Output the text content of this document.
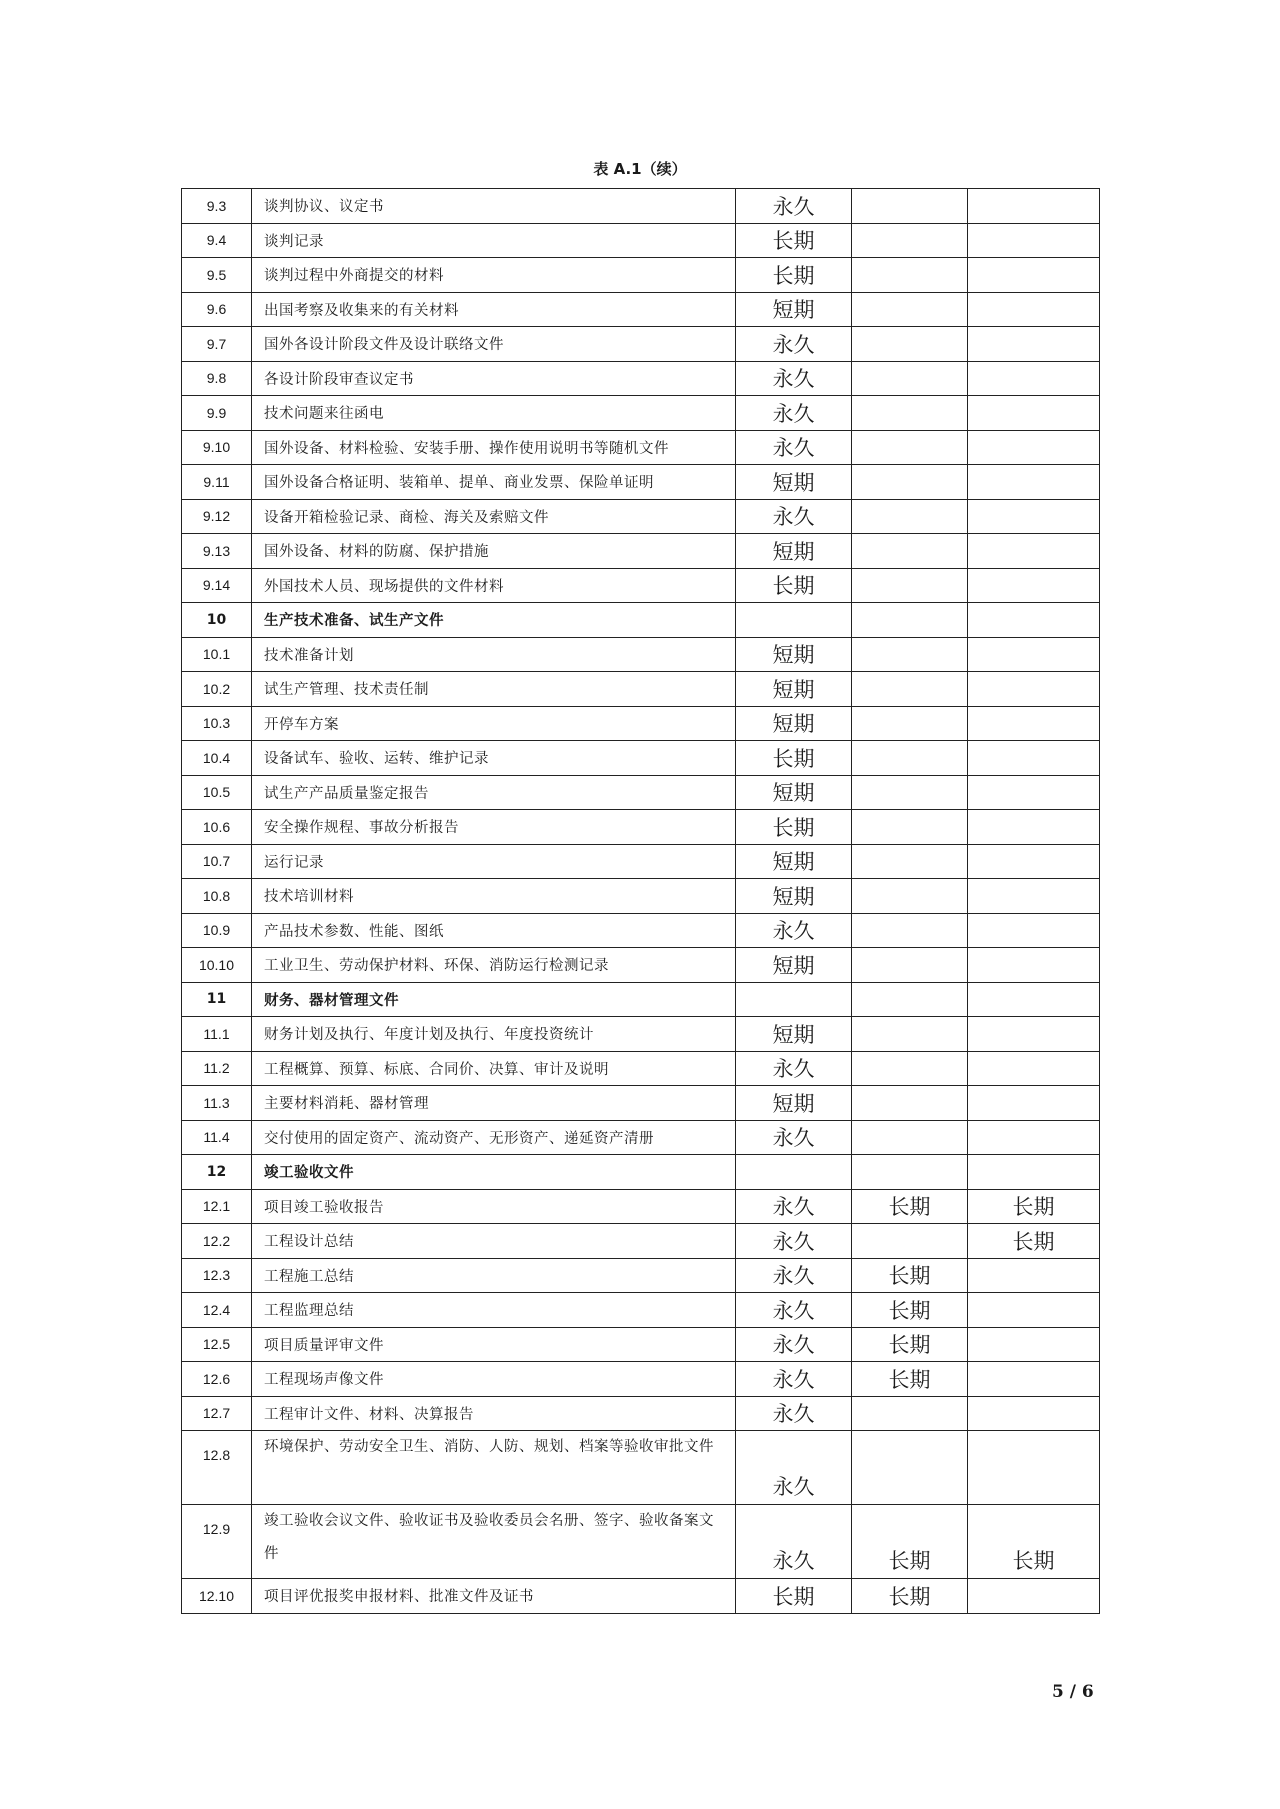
表 A.1（续）
9.3	谈判协议、议定书	永久		
9.4	谈判记录	长期		
9.5	谈判过程中外商提交的材料	长期		
9.6	出国考察及收集来的有关材料	短期		
9.7	国外各设计阶段文件及设计联络文件	永久		
9.8	各设计阶段审查议定书	永久		
9.9	技术问题来往函电	永久		
9.10	国外设备、材料检验、安装手册、操作使用说明书等随机文件	永久		
9.11	国外设备合格证明、装箱单、提单、商业发票、保险单证明	短期		
9.12	设备开箱检验记录、商检、海关及索赔文件	永久		
9.13	国外设备、材料的防腐、保护措施	短期		
9.14	外国技术人员、现场提供的文件材料	长期		
10	生产技术准备、试生产文件			
10.1	技术准备计划	短期		
10.2	试生产管理、技术责任制	短期		
10.3	开停车方案	短期		
10.4	设备试车、验收、运转、维护记录	长期		
10.5	试生产产品质量鉴定报告	短期		
10.6	安全操作规程、事故分析报告	长期		
10.7	运行记录	短期		
10.8	技术培训材料	短期		
10.9	产品技术参数、性能、图纸	永久		
10.10	工业卫生、劳动保护材料、环保、消防运行检测记录	短期		
11	财务、器材管理文件			
11.1	财务计划及执行、年度计划及执行、年度投资统计	短期		
11.2	工程概算、预算、标底、合同价、决算、审计及说明	永久		
11.3	主要材料消耗、器材管理	短期		
11.4	交付使用的固定资产、流动资产、无形资产、递延资产清册	永久		
12	竣工验收文件			
12.1	项目竣工验收报告	永久	长期	长期
12.2	工程设计总结	永久		长期
12.3	工程施工总结	永久	长期	
12.4	工程监理总结	永久	长期	
12.5	项目质量评审文件	永久	长期	
12.6	工程现场声像文件	永久	长期	
12.7	工程审计文件、材料、决算报告	永久		
12.8	环境保护、劳动安全卫生、消防、人防、规划、档案等验收审批文件	永久		
12.9	竣工验收会议文件、验收证书及验收委员会名册、签字、验收备案文件	永久	长期	长期
12.10	项目评优报奖申报材料、批准文件及证书	长期	长期	
5 / 6
